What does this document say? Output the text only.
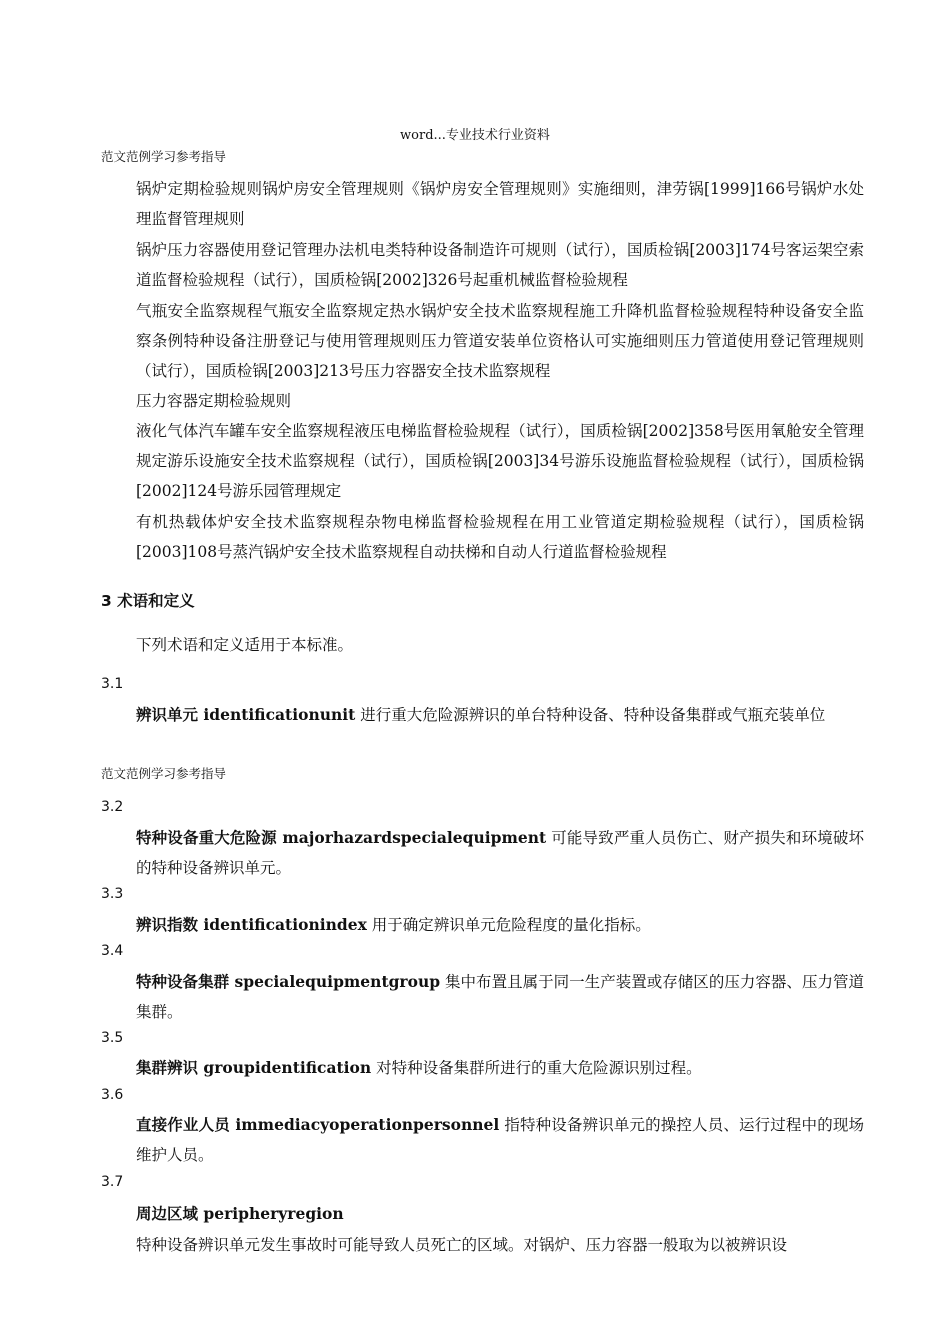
word...专业技术行业资料
范文范例学习参考指导
锅炉定期检验规则锅炉房安全管理规则《锅炉房安全管理规则》实施细则，津劳锅[1999]166号锅炉水处理监督管理规则
锅炉压力容器使用登记管理办法机电类特种设备制造许可规则（试行），国质检锅[2003]174号客运架空索道监督检验规程（试行），国质检锅[2002]326号起重机械监督检验规程
气瓶安全监察规程气瓶安全监察规定热水锅炉安全技术监察规程施工升降机监督检验规程特种设备安全监察条例特种设备注册登记与使用管理规则压力管道安装单位资格认可实施细则压力管道使用登记管理规则（试行），国质检锅[2003]213号压力容器安全技术监察规程
压力容器定期检验规则
液化气体汽车罐车安全监察规程液压电梯监督检验规程（试行），国质检锅[2002]358号医用氧舱安全管理规定游乐设施安全技术监察规程（试行），国质检锅[2003]34号游乐设施监督检验规程（试行），国质检锅[2002]124号游乐园管理规定
有机热载体炉安全技术监察规程杂物电梯监督检验规程在用工业管道定期检验规程（试行），国质检锅[2003]108号蒸汽锅炉安全技术监察规程自动扶梯和自动人行道监督检验规程
3 术语和定义
下列术语和定义适用于本标准。
3.1
辨识单元 identificationunit 进行重大危险源辨识的单台特种设备、特种设备集群或气瓶充装单位
范文范例学习参考指导
3.2
特种设备重大危险源 majorhazardspecialequipment 可能导致严重人员伤亡、财产损失和环境破坏的特种设备辨识单元。
3.3
辨识指数 identificationindex 用于确定辨识单元危险程度的量化指标。
3.4
特种设备集群 specialequipmentgroup 集中布置且属于同一生产装置或存储区的压力容器、压力管道集群。
3.5
集群辨识 groupidentification 对特种设备集群所进行的重大危险源识别过程。
3.6
直接作业人员 immediacyoperationpersonnel 指特种设备辨识单元的操控人员、运行过程中的现场维护人员。
3.7
周边区域 peripheryregion
特种设备辨识单元发生事故时可能导致人员死亡的区域。对锅炉、压力容器一般取为以被辨识设
